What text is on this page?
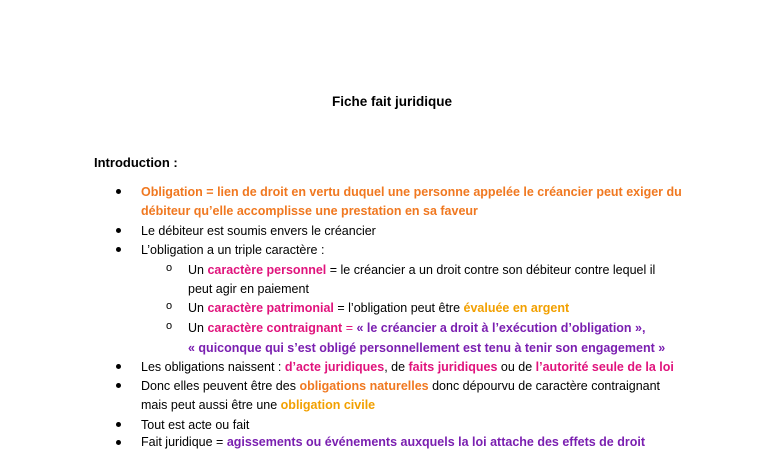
Fiche fait juridique
Introduction :
Obligation = lien de droit en vertu duquel une personne appelée le créancier peut exiger du
débiteur qu’elle accomplisse une prestation en sa faveur
Le débiteur est soumis envers le créancier
L’obligation a un triple caractère :
o Un caractère personnel = le créancier a un droit contre son débiteur contre lequel il
peut agir en paiement
o Un caractère patrimonial = l’obligation peut être évaluée en argent
o Un caractère contraignant = « le créancier a droit à l’exécution d’obligation »,
« quiconque qui s’est obligé personnellement est tenu à tenir son engagement »
Les obligations naissent : d’acte juridiques, de faits juridiques ou de l’autorité seule de la loi
Donc elles peuvent être des obligations naturelles donc dépourvu de caractère contraignant
mais peut aussi être une obligation civile
Tout est acte ou fait
Fait juridique = agissements ou événements auxquels la loi attache des effets de droit
